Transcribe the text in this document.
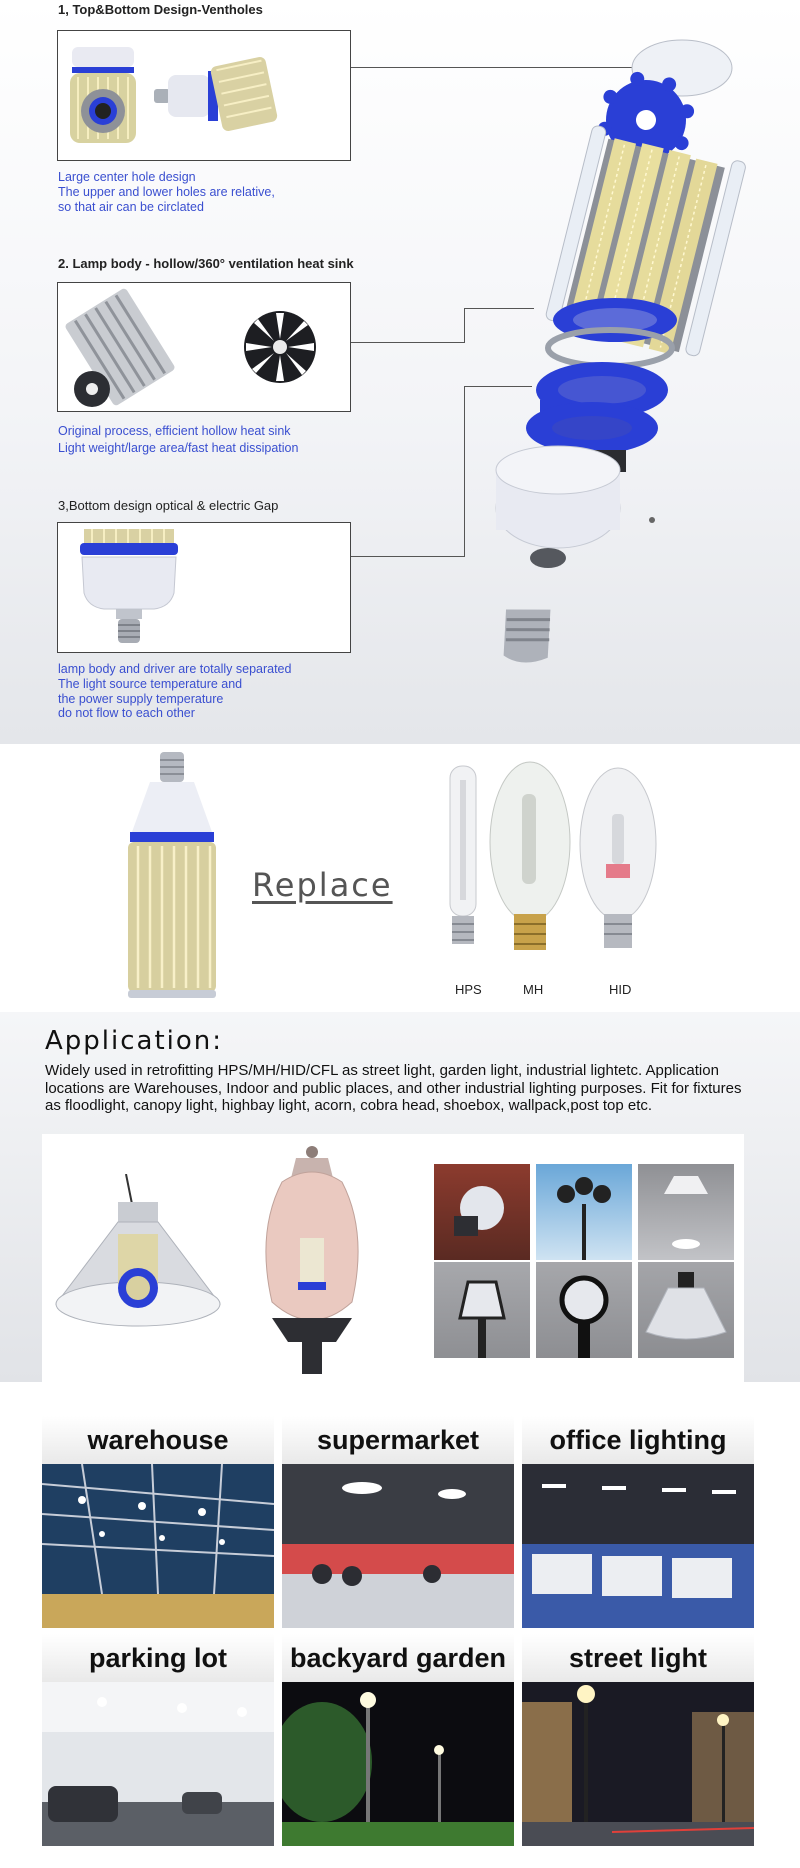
1, Top&Bottom Design-Ventholes
Large center hole design
The upper and lower holes are relative,
so that air can be circlated
2. Lamp body - hollow/360° ventilation heat sink
Original process, efficient hollow heat sink
Light weight/large area/fast heat dissipation
3,Bottom design optical & electric Gap
lamp body and driver are totally separated
The light source temperature and
the power supply temperature
do not flow to each other
Replace
HPS	MH	HID
Application:
Widely used in retrofitting HPS/MH/HID/CFL as street light, garden light, industrial lightetc. Application locations are Warehouses, Indoor and public places, and other industrial lighting purposes. Fit for fixtures as floodlight, canopy light, highbay light, acorn, cobra head, shoebox, wallpack,post top etc.
warehouse	supermarket	office lighting
parking lot	backyard garden	street light
